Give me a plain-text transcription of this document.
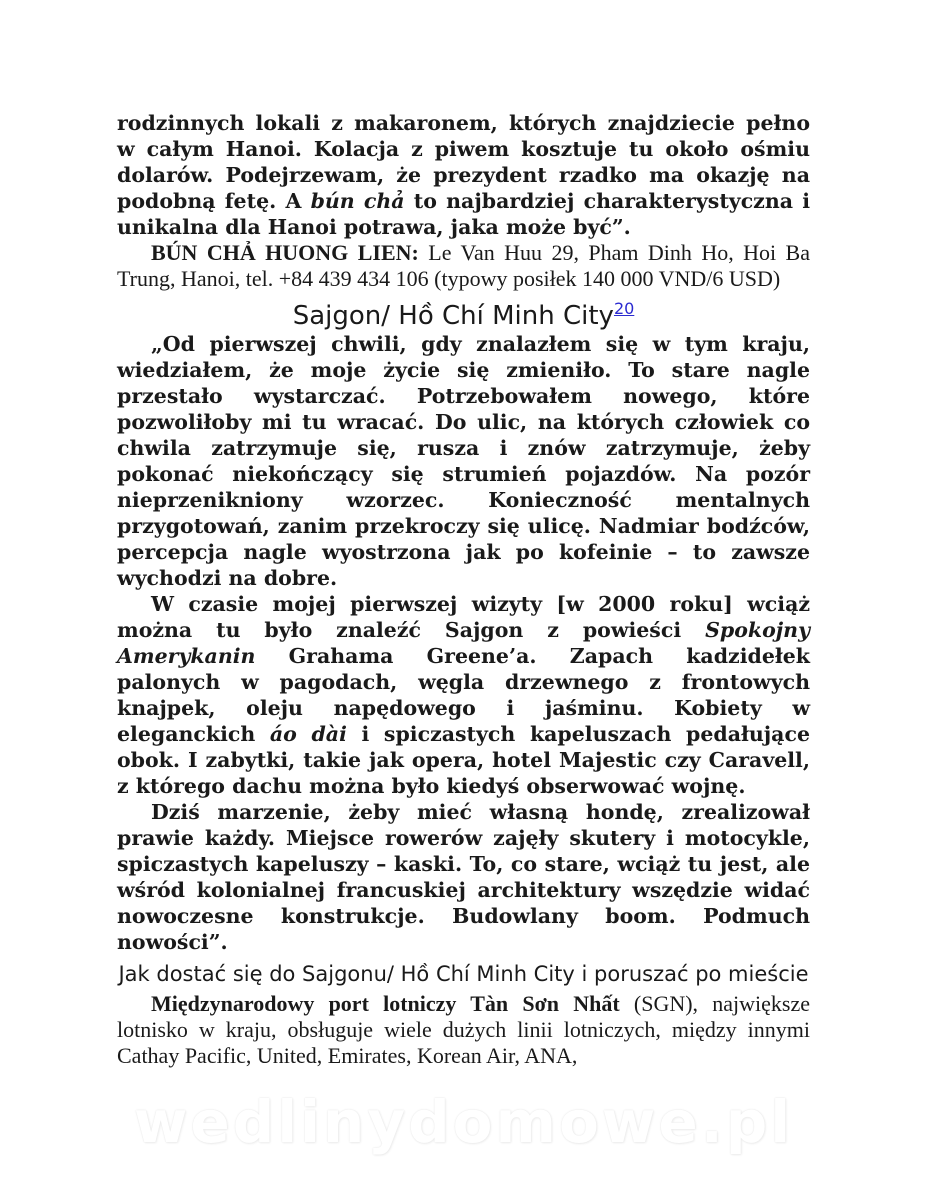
rodzinnych lokali z makaronem, których znajdziecie pełno w całym Hanoi. Kolacja z piwem kosztuje tu około ośmiu dolarów. Podejrzewam, że prezydent rzadko ma okazję na podobną fetę. A bún chả to najbardziej charakterystyczna i unikalna dla Hanoi potrawa, jaka może być”.

BÚN CHẢ HUONG LIEN: Le Van Huu 29, Pham Dinh Ho, Hoi Ba Trung, Hanoi, tel. +84 439 434 106 (typowy posiłek 140 000 VND/6 USD)

Sajgon/ Hồ Chí Minh City$^{20}$

„Od pierwszej chwili, gdy znalazłem się w tym kraju, wiedziałem, że moje życie się zmieniło. To stare nagle przestało wystarczać. Potrzebowałem nowego, które pozwoliłoby mi tu wracać. Do ulic, na których człowiek co chwila zatrzymuje się, rusza i znów zatrzymuje, żeby pokonać niekończący się strumień pojazdów. Na pozór nieprzenikniony wzorzec. Konieczność mentalnych przygotowań, zanim przekroczy się ulicę. Nadmiar bodźców, percepcja nagle wyostrzona jak po kofeinie – to zawsze wychodzi na dobre.

W czasie mojej pierwszej wizyty [w 2000 roku] wciąż można tu było znaleźć Sajgon z powieści Spokojny Amerykanin Grahama Greene’a. Zapach kadzidełek palonych w pagodach, węgla drzewnego z frontowych knajpek, oleju napędowego i jaśminu. Kobiety w eleganckich áo dài i spiczastych kapeluszach pedałujące obok. I zabytki, takie jak opera, hotel Majestic czy Caravell, z którego dachu można było kiedyś obserwować wojnę.

Dziś marzenie, żeby mieć własną hondę, zrealizował prawie każdy. Miejsce rowerów zajęły skutery i motocykle, spiczastych kapeluszy – kaski. To, co stare, wciąż tu jest, ale wśród kolonialnej francuskiej architektury wszędzie widać nowoczesne konstrukcje. Budowlany boom. Podmuch nowości”.

Jak dostać się do Sajgonu/ Hồ Chí Minh City i poruszać po mieście

Międzynarodowy port lotniczy Tàn Sơn Nhất (SGN), największe lotnisko w kraju, obsługuje wiele dużych linii lotniczych, między innymi Cathay Pacific, United, Emirates, Korean Air, ANA,

wedlinydomowe.pl
